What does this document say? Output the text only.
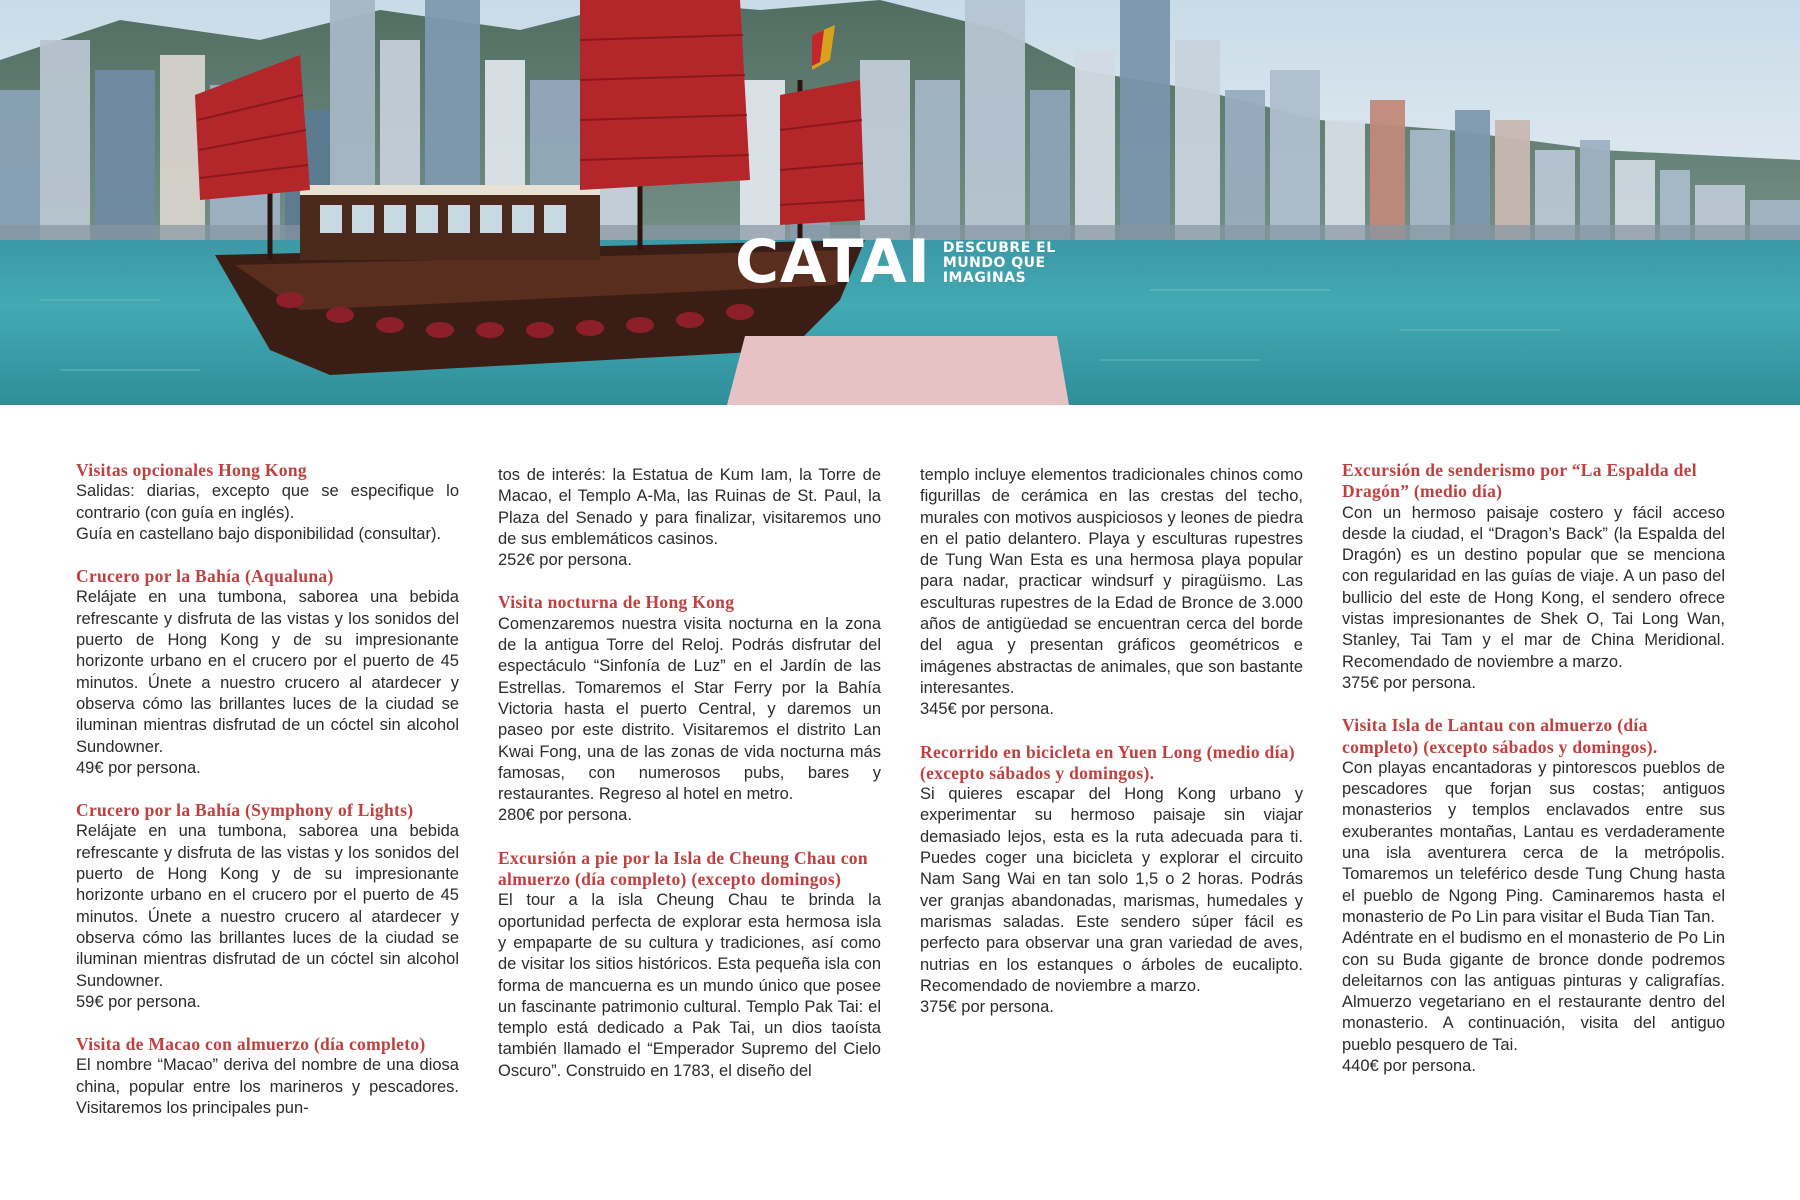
CATAI DESCUBRE EL MUNDO QUE IMAGINAS
Visitas opcionales Hong Kong

Salidas: diarias, excepto que se especifique lo contrario (con guía en inglés).

Guía en castellano bajo disponibilidad (consultar).

Crucero por la Bahía (Aqualuna)

Relájate en una tumbona, saborea una bebida refrescante y disfruta de las vistas y los sonidos del puerto de Hong Kong y de su impresionante horizonte urbano en el crucero por el puerto de 45 minutos. Únete a nuestro crucero al atardecer y observa cómo las brillantes luces de la ciudad se iluminan mientras disfrutad de un cóctel sin alcohol Sundowner.

49€ por persona.

Crucero por la Bahía (Symphony of Lights)

Relájate en una tumbona, saborea una bebida refrescante y disfruta de las vistas y los sonidos del puerto de Hong Kong y de su impresionante horizonte urbano en el crucero por el puerto de 45 minutos. Únete a nuestro crucero al atardecer y observa cómo las brillantes luces de la ciudad se iluminan mientras disfrutad de un cóctel sin alcohol Sundowner.

59€ por persona.

Visita de Macao con almuerzo (día completo)

El nombre “Macao” deriva del nombre de una diosa china, popular entre los marineros y pescadores. Visitaremos los principales pun-

tos de interés: la Estatua de Kum Iam, la Torre de Macao, el Templo A-Ma, las Ruinas de St. Paul, la Plaza del Senado y para finalizar, visitaremos uno de sus emblemáticos casinos.

252€ por persona.

Visita nocturna de Hong Kong

Comenzaremos nuestra visita nocturna en la zona de la antigua Torre del Reloj. Podrás disfrutar del espectáculo “Sinfonía de Luz” en el Jardín de las Estrellas. Tomaremos el Star Ferry por la Bahía Victoria hasta el puerto Central, y daremos un paseo por este distrito. Visitaremos el distrito Lan Kwai Fong, una de las zonas de vida nocturna más famosas, con numerosos pubs, bares y restaurantes. Regreso al hotel en metro.

280€ por persona.

Excursión a pie por la Isla de Cheung Chau con almuerzo (día completo) (excepto domingos)

El tour a la isla Cheung Chau te brinda la oportunidad perfecta de explorar esta hermosa isla y empaparte de su cultura y tradiciones, así como de visitar los sitios históricos. Esta pequeña isla con forma de mancuerna es un mundo único que posee un fascinante patrimonio cultural. Templo Pak Tai: el templo está dedicado a Pak Tai, un dios taoísta también llamado el “Emperador Supremo del Cielo Oscuro”. Construido en 1783, el diseño del

templo incluye elementos tradicionales chinos como figurillas de cerámica en las crestas del techo, murales con motivos auspiciosos y leones de piedra en el patio delantero. Playa y esculturas rupestres de Tung Wan Esta es una hermosa playa popular para nadar, practicar windsurf y piragüismo. Las esculturas rupestres de la Edad de Bronce de 3.000 años de antigüedad se encuentran cerca del borde del agua y presentan gráficos geométricos e imágenes abstractas de animales, que son bastante interesantes.

345€ por persona.

Recorrido en bicicleta en Yuen Long (medio día) (excepto sábados y domingos).

Si quieres escapar del Hong Kong urbano y experimentar su hermoso paisaje sin viajar demasiado lejos, esta es la ruta adecuada para ti. Puedes coger una bicicleta y explorar el circuito Nam Sang Wai en tan solo 1,5 o 2 horas. Podrás ver granjas abandonadas, marismas, humedales y marismas saladas. Este sendero súper fácil es perfecto para observar una gran variedad de aves, nutrias en los estanques o árboles de eucalipto. Recomendado de noviembre a marzo.

375€ por persona.

Excursión de senderismo por “La Espalda del Dragón” (medio día)

Con un hermoso paisaje costero y fácil acceso desde la ciudad, el “Dragon’s Back” (la Espalda del Dragón) es un destino popular que se menciona con regularidad en las guías de viaje. A un paso del bullicio del este de Hong Kong, el sendero ofrece vistas impresionantes de Shek O, Tai Long Wan, Stanley, Tai Tam y el mar de China Meridional. Recomendado de noviembre a marzo.

375€ por persona.

Visita Isla de Lantau con almuerzo (día completo) (excepto sábados y domingos).

Con playas encantadoras y pintorescos pueblos de pescadores que forjan sus costas; antiguos monasterios y templos enclavados entre sus exuberantes montañas, Lantau es verdaderamente una isla aventurera cerca de la metrópolis. Tomaremos un teleférico desde Tung Chung hasta el pueblo de Ngong Ping. Caminaremos hasta el monasterio de Po Lin para visitar el Buda Tian Tan.

Adéntrate en el budismo en el monasterio de Po Lin con su Buda gigante de bronce donde podremos deleitarnos con las antiguas pinturas y caligrafías. Almuerzo vegetariano en el restaurante dentro del monasterio. A continuación, visita del antiguo pueblo pesquero de Tai.

440€ por persona.
